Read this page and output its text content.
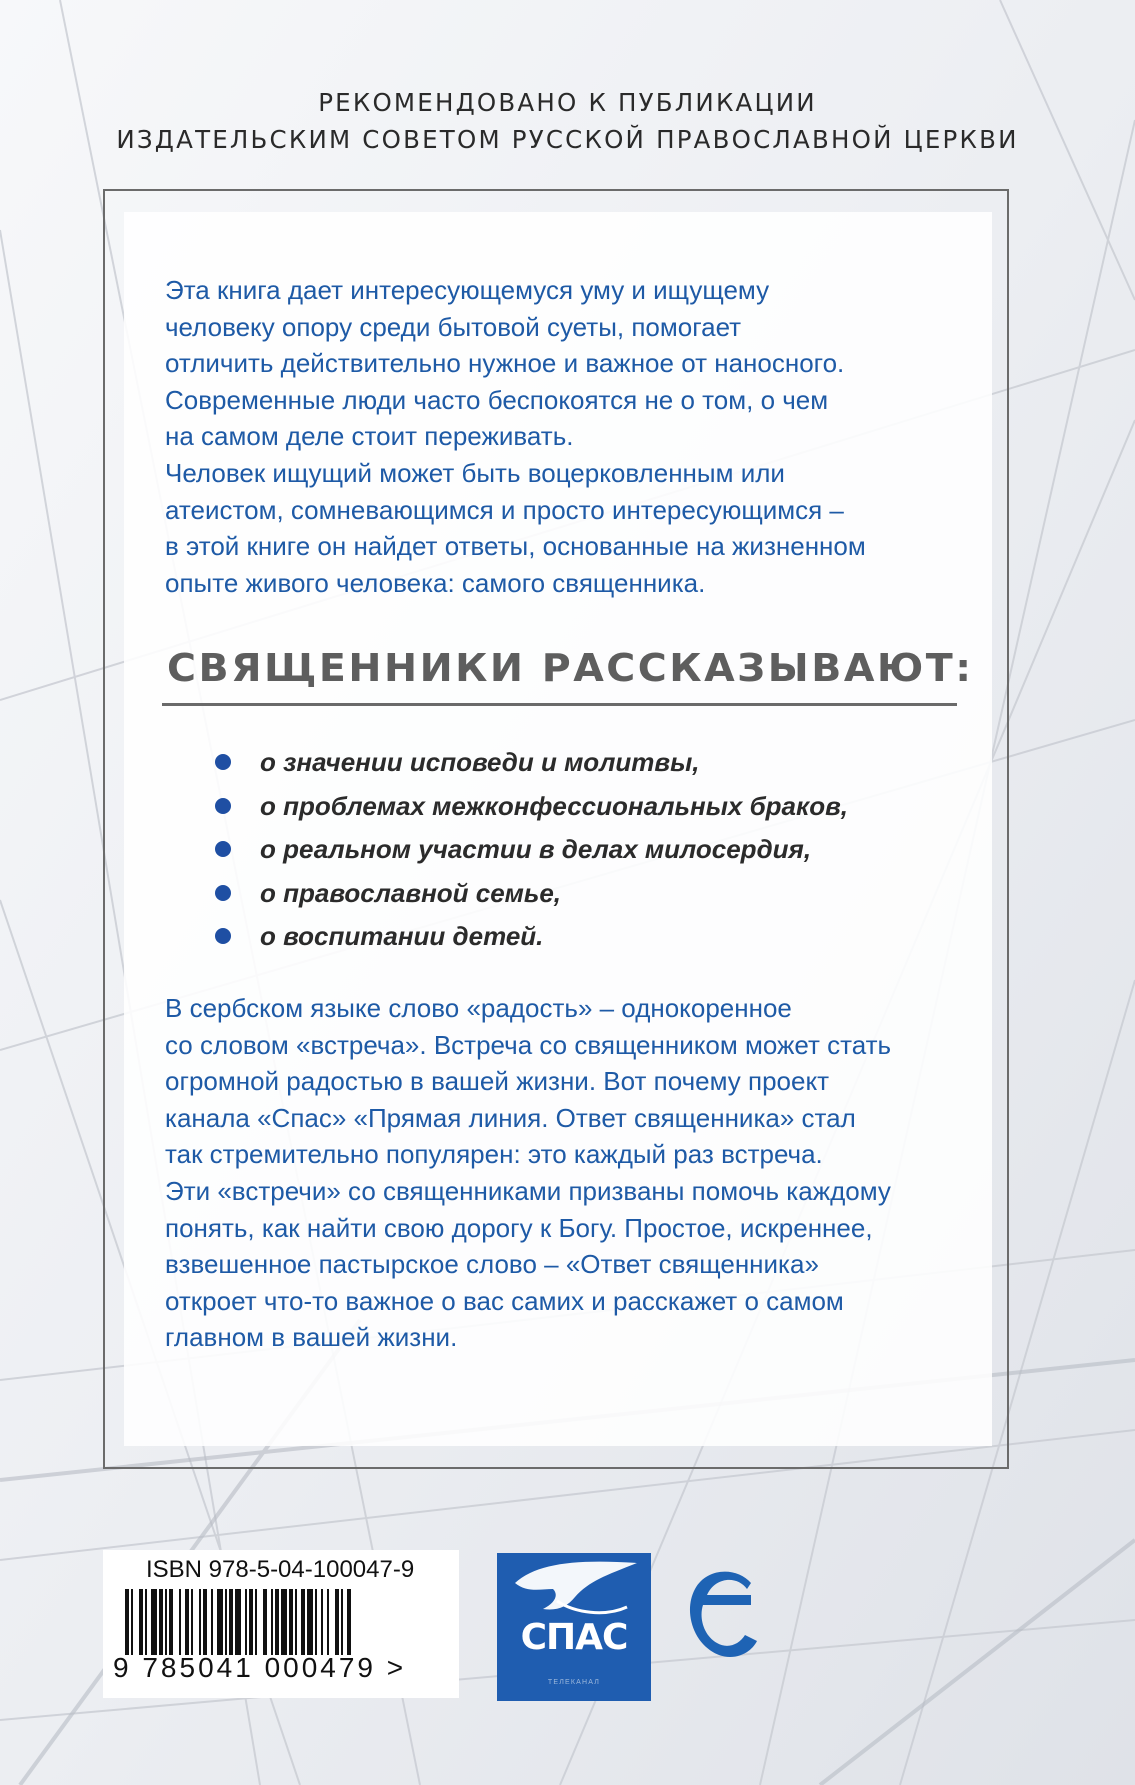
РЕКОМЕНДОВАНО К ПУБЛИКАЦИИ
ИЗДАТЕЛЬСКИМ СОВЕТОМ РУССКОЙ ПРАВОСЛАВНОЙ ЦЕРКВИ
Эта книга дает интересующемуся уму и ищущему
человеку опору среди бытовой суеты, помогает
отличить действительно нужное и важное от наносного.
Современные люди часто беспокоятся не о том, о чем
на самом деле стоит переживать.
Человек ищущий может быть воцерковленным или
атеистом, сомневающимся и просто интересующимся –
в этой книге он найдет ответы, основанные на жизненном
опыте живого человека: самого священника.
СВЯЩЕННИКИ РАССКАЗЫВАЮТ:
о значении исповеди и молитвы,
о проблемах межконфессиональных браков,
о реальном участии в делах милосердия,
о православной семье,
о воспитании детей.
В сербском языке слово «радость» – однокоренное
со словом «встреча». Встреча со священником может стать
огромной радостью в вашей жизни. Вот почему проект
канала «Спас» «Прямая линия. Ответ священника» стал
так стремительно популярен: это каждый раз встреча.
Эти «встречи» со священниками призваны помочь каждому
понять, как найти свою дорогу к Богу. Простое, искреннее,
взвешенное пастырское слово – «Ответ священника»
откроет что-то важное о вас самих и расскажет о самом
главном в вашей жизни.
ISBN 978-5-04-100047-9
9 785041 000479 >
СПАС
ТЕЛЕКАНАЛ
